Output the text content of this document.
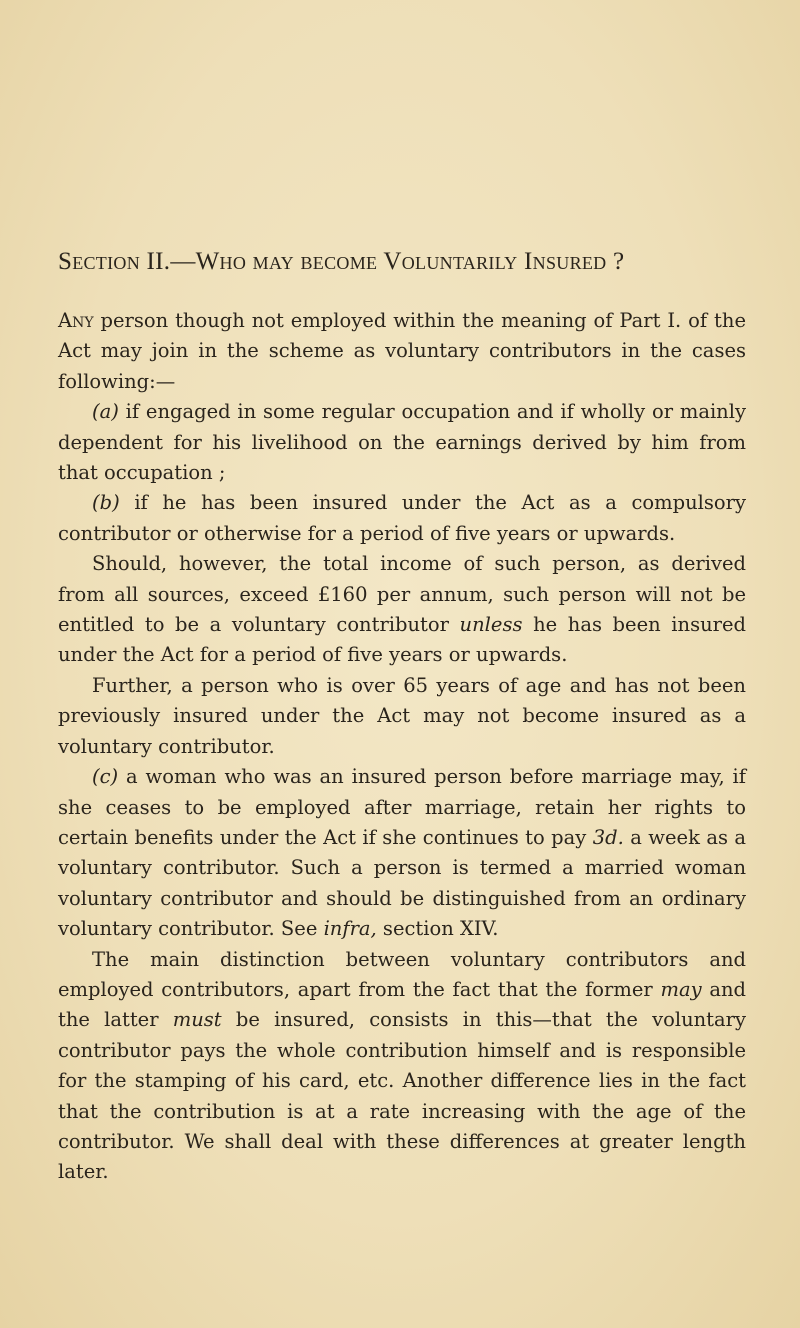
Section II.—Who may become Voluntarily Insured ?

Any person though not employed within the meaning of Part I. of the Act may join in the scheme as voluntary contributors in the cases following:—

(a) if engaged in some regular occupation and if wholly or mainly dependent for his livelihood on the earnings derived by him from that occupation ;

(b) if he has been insured under the Act as a compulsory contributor or otherwise for a period of five years or upwards.

Should, however, the total income of such person, as derived from all sources, exceed £160 per annum, such person will not be entitled to be a voluntary contributor unless he has been insured under the Act for a period of five years or upwards.

Further, a person who is over 65 years of age and has not been previously insured under the Act may not become insured as a voluntary contributor.

(c) a woman who was an insured person before marriage may, if she ceases to be employed after marriage, retain her rights to certain benefits under the Act if she continues to pay 3d. a week as a voluntary contributor. Such a person is termed a married woman voluntary contributor and should be distinguished from an ordinary voluntary contributor. See infra, section XIV.

The main distinction between voluntary contributors and employed contributors, apart from the fact that the former may and the latter must be insured, consists in this—that the voluntary contributor pays the whole contribution himself and is responsible for the stamping of his card, etc. Another difference lies in the fact that the contribution is at a rate increasing with the age of the contributor. We shall deal with these differences at greater length later.
